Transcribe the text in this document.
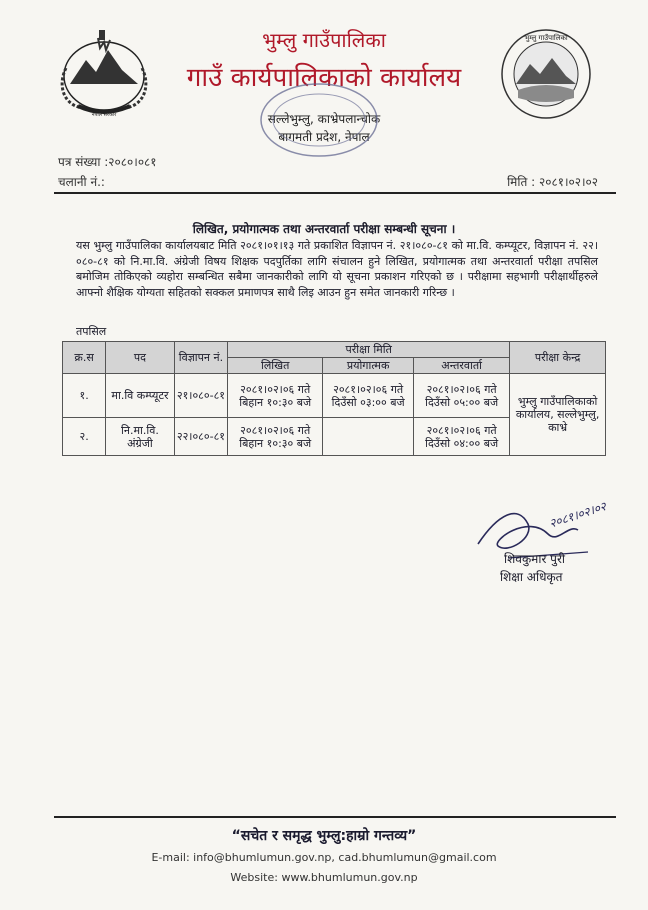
नेपाल सरकार
भुम्लु गाउँपालिका
भुम्लु गाउँपालिका
गाउँ कार्यपालिकाको कार्यालय
सल्लेभुम्लु, काभ्रेपलान्चोक
बागमती प्रदेश, नेपाल
पत्र संख्या :२०८०।०८१
चलानी नं.:	मिति : २०८१।०२।०२
लिखित, प्रयोगात्मक तथा अन्तरवार्ता परीक्षा सम्बन्धी सूचना ।
यस भुम्लु गाउँपालिका कार्यालयबाट मिति २०८१।०१।१३ गते प्रकाशित विज्ञापन नं. २१।०८०-८१ को मा.वि. कम्प्यूटर, विज्ञापन नं. २२।०८०-८१ को नि.मा.वि. अंग्रेजी विषय शिक्षक पदपुर्तिका लागि संचालन हुने लिखित, प्रयोगात्मक तथा अन्तरवार्ता परीक्षा तपसिल बमोजिम तोकिएको व्यहोरा सम्बन्धित सबैमा जानकारीको लागि यो सूचना प्रकाशन गरिएको छ । परीक्षामा सहभागी परीक्षार्थीहरुले आफ्नो शैक्षिक योग्यता सहितको सक्कल प्रमाणपत्र साथै लिइ आउन हुन समेत जानकारी गरिन्छ ।
तपसिल
क्र.स	पद	विज्ञापन नं.	परीक्षा मिति			परीक्षा केन्द्र
			लिखित	प्रयोगात्मक	अन्तरवार्ता	
१.	मा.वि कम्प्यूटर	२१।०८०-८१	२०८१।०२।०६ गते बिहान १०:३० बजे	२०८१।०२।०६ गते दिउँसो ०३:०० बजे	२०८१।०२।०६ गते दिउँसो ०५:०० बजे	भुम्लु गाउँपालिकाको कार्यालय, सल्लेभुम्लु, काभ्रे
२.	नि.मा.वि. अंग्रेजी	२२।०८०-८१	२०८१।०२।०६ गते बिहान १०:३० बजे		२०८१।०२।०६ गते दिउँसो ०४:०० बजे	
२०८१।०२।०२
शिवकुमार पुरी
शिक्षा अधिकृत
“सचेत र समृद्ध भुम्लु:हाम्रो गन्तव्य”
E-mail: info@bhumlumun.gov.np, cad.bhumlumun@gmail.com
Website: www.bhumlumun.gov.np
